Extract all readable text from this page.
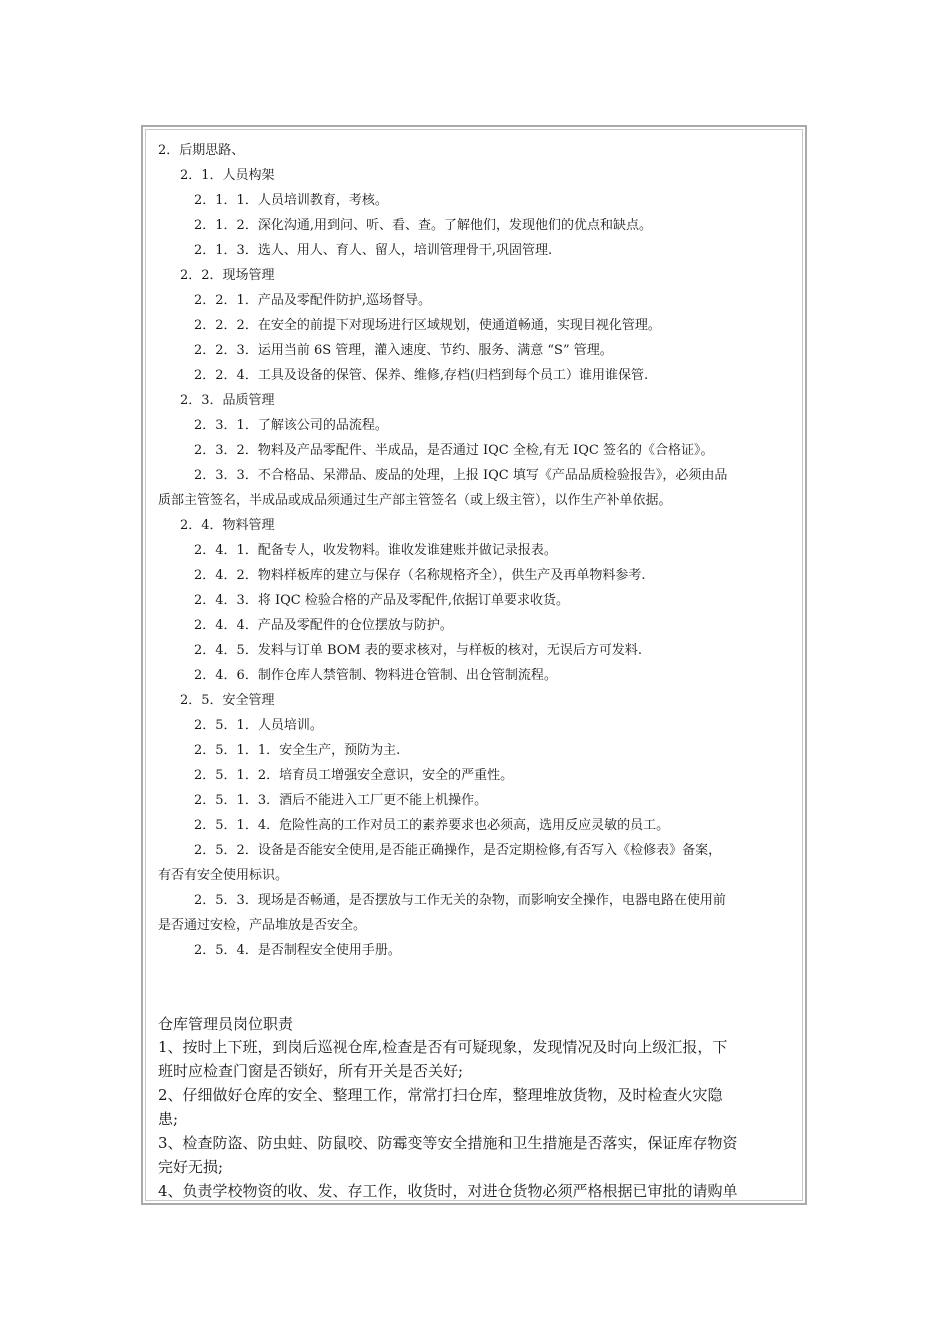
2．后期思路、
2．1．人员构架
2．1．1．人员培训教育，考核。
2．1．2．深化沟通,用到问、听、看、查。了解他们，发现他们的优点和缺点。
2．1．3．选人、用人、育人、留人，培训管理骨干,巩固管理.
2．2．现场管理
2．2．1．产品及零配件防护,巡场督导。
2．2．2．在安全的前提下对现场进行区域规划，使通道畅通，实现目视化管理。
2．2．3．运用当前 6S 管理，灌入速度、节约、服务、满意 “S” 管理。
2．2．4．工具及设备的保管、保养、维修,存档(归档到每个员工）谁用谁保管.
2．3．品质管理
2．3．1．了解该公司的品流程。
2．3．2．物料及产品零配件、半成品，是否通过 IQC 全检,有无 IQC 签名的《合格证》。
2．3．3．不合格品、呆滞品、废品的处理，上报 IQC 填写《产品品质检验报告》，必须由品
质部主管签名，半成品或成品须通过生产部主管签名（或上级主管），以作生产补单依据。
2．4．物料管理
2．4．1．配备专人，收发物料。谁收发谁建账并做记录报表。
2．4．2．物料样板库的建立与保存（名称规格齐全），供生产及再单物料参考.
2．4．3．将 IQC 检验合格的产品及零配件,依据订单要求收货。
2．4．4．产品及零配件的仓位摆放与防护。
2．4．5．发料与订单 BOM 表的要求核对，与样板的核对，无误后方可发料.
2．4．6．制作仓库人禁管制、物料进仓管制、出仓管制流程。
2．5．安全管理
2．5．1．人员培训。
2．5．1．1．安全生产，预防为主.
2．5．1．2．培育员工增强安全意识，安全的严重性。
2．5．1．3．酒后不能进入工厂更不能上机操作。
2．5．1．4．危险性高的工作对员工的素养要求也必须高，选用反应灵敏的员工。
2．5．2．设备是否能安全使用,是否能正确操作，是否定期检修,有否写入《检修表》备案，
有否有安全使用标识。
2．5．3．现场是否畅通，是否摆放与工作无关的杂物，而影响安全操作，电器电路在使用前
是否通过安检，产品堆放是否安全。
2．5．4．是否制程安全使用手册。
仓库管理员岗位职责
1、按时上下班，到岗后巡视仓库,检查是否有可疑现象，发现情况及时向上级汇报，下
班时应检查门窗是否锁好，所有开关是否关好;
2、仔细做好仓库的安全、整理工作，常常打扫仓库，整理堆放货物，及时检查火灾隐
患;
3、检查防盗、防虫蛀、防鼠咬、防霉变等安全措施和卫生措施是否落实，保证库存物资
完好无损;
4、负责学校物资的收、发、存工作，收货时，对进仓货物必须严格根据已审批的请购单
